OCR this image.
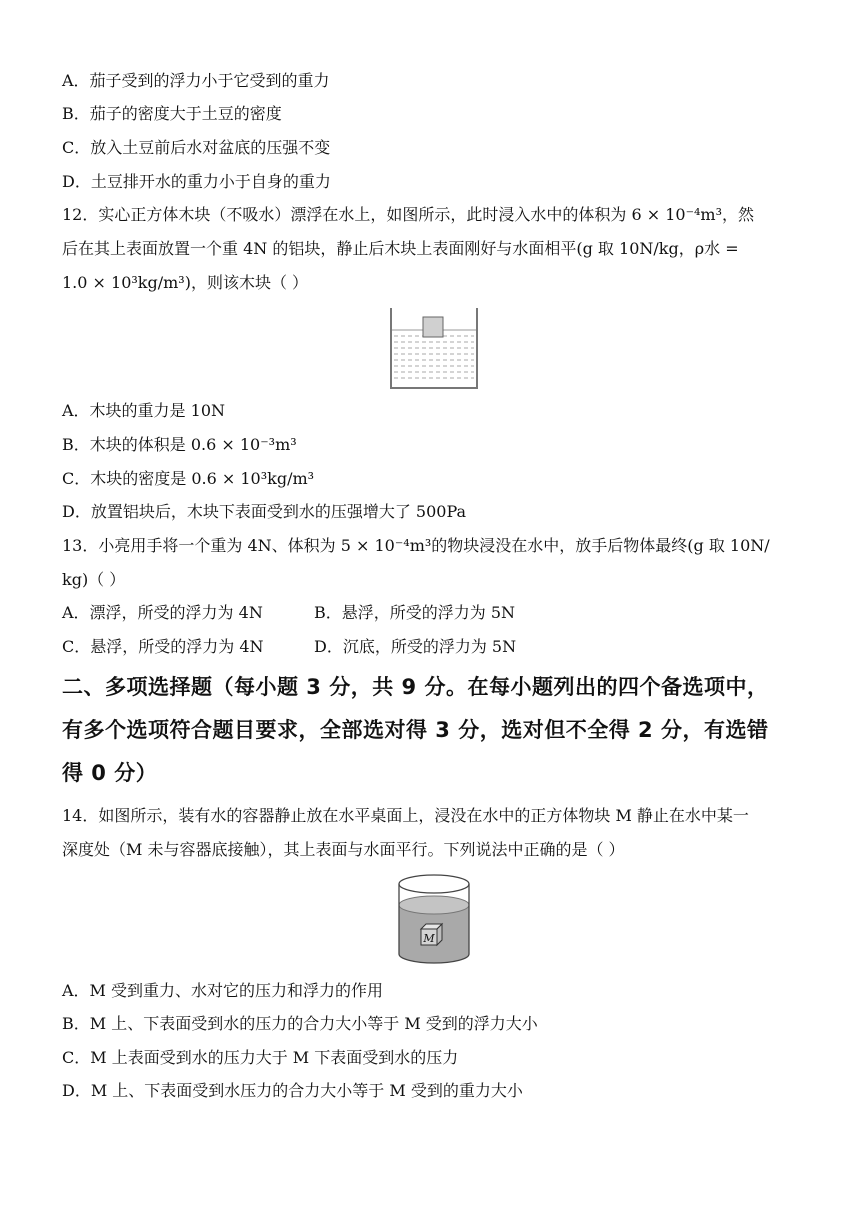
A．茄子受到的浮力小于它受到的重力
B．茄子的密度大于土豆的密度
C．放入土豆前后水对盆底的压强不变
D．土豆排开水的重力小于自身的重力
12．实心正方体木块（不吸水）漂浮在水上，如图所示，此时浸入水中的体积为 6 × 10⁻⁴m³，然
后在其上表面放置一个重 4N 的铝块，静止后木块上表面刚好与水面相平(g 取 10N/kg，ρ水 =
1.0 × 10³kg/m³)，则该木块（ ）
A．木块的重力是 10N
B．木块的体积是 0.6 × 10⁻³m³
C．木块的密度是 0.6 × 10³kg/m³
D．放置铝块后，木块下表面受到水的压强增大了 500Pa
13．小亮用手将一个重为 4N、体积为 5 × 10⁻⁴m³的物块浸没在水中，放手后物体最终(g 取 10N/
kg)（ ）
A．漂浮，所受的浮力为 4N	B．悬浮，所受的浮力为 5N
C．悬浮，所受的浮力为 4N	D．沉底，所受的浮力为 5N
二、多项选择题（每小题 3 分，共 9 分。在每小题列出的四个备选项中，
有多个选项符合题目要求，全部选对得 3 分，选对但不全得 2 分，有选错
得 0 分）
14．如图所示，装有水的容器静止放在水平桌面上，浸没在水中的正方体物块 M 静止在水中某一
深度处（M 未与容器底接触），其上表面与水面平行。下列说法中正确的是（ ）
M
A．M 受到重力、水对它的压力和浮力的作用
B．M 上、下表面受到水的压力的合力大小等于 M 受到的浮力大小
C．M 上表面受到水的压力大于 M 下表面受到水的压力
D．M 上、下表面受到水压力的合力大小等于 M 受到的重力大小
